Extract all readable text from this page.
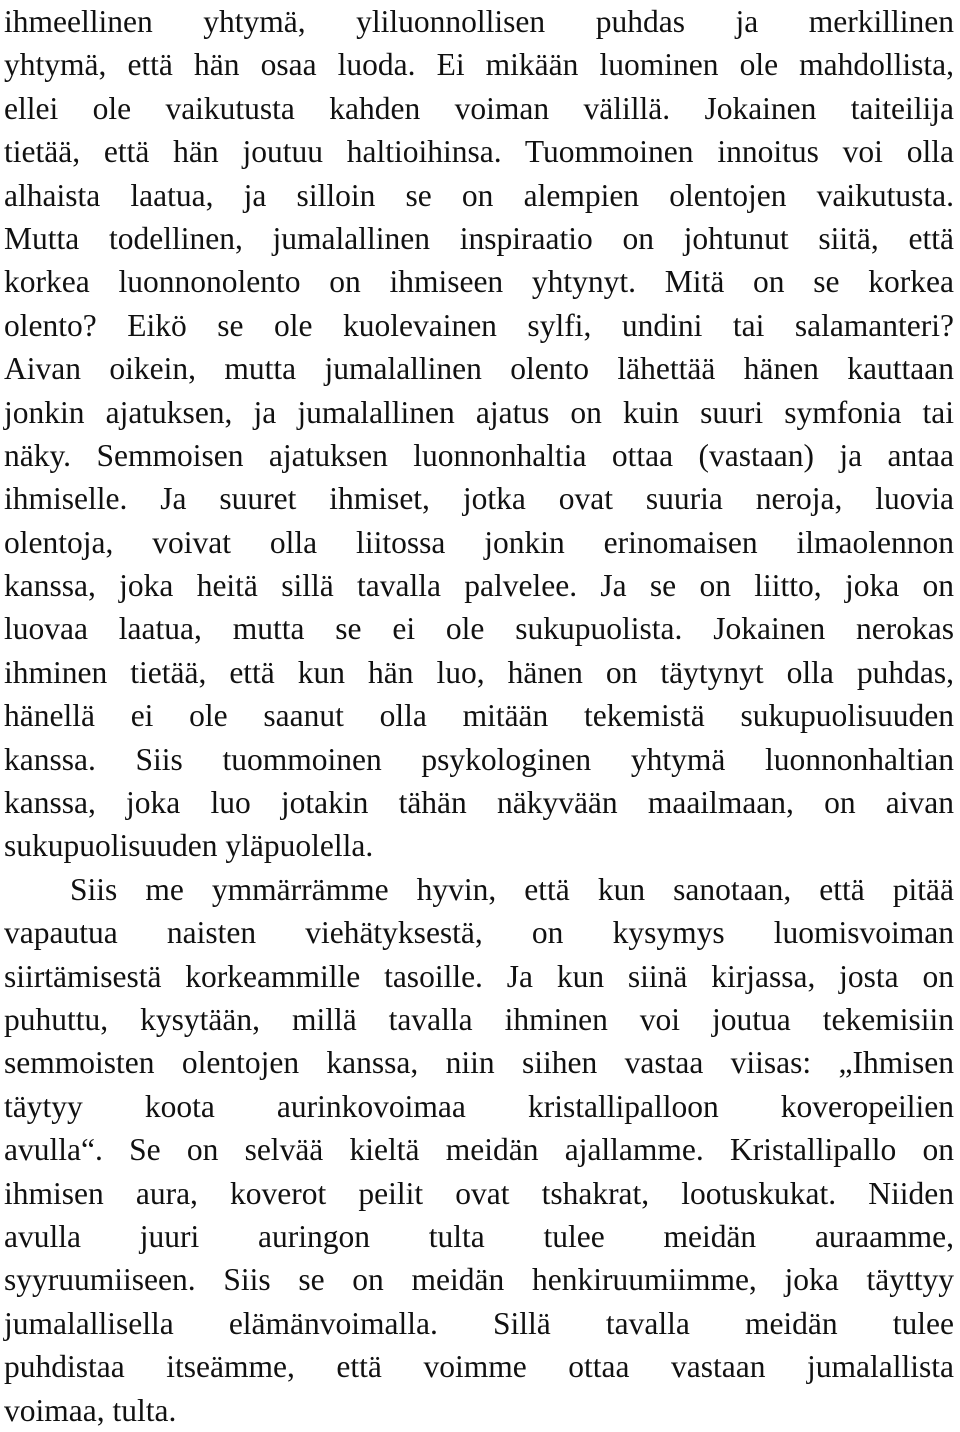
ihmeellinen yhtymä, yliluonnollisen puhdas ja merkillinen
yhtymä, että hän osaa luoda. Ei mikään luominen ole mahdollista,
ellei ole vaikutusta kahden voiman välillä. Jokainen taiteilija
tietää, että hän joutuu haltioihinsa. Tuommoinen innoitus voi olla
alhaista laatua, ja silloin se on alempien olentojen vaikutusta.
Mutta todellinen, jumalallinen inspiraatio on johtunut siitä, että
korkea luonnonolento on ihmiseen yhtynyt. Mitä on se korkea
olento? Eikö se ole kuolevainen sylfi, undini tai salamanteri?
Aivan oikein, mutta jumalallinen olento lähettää hänen kauttaan
jonkin ajatuksen, ja jumalallinen ajatus on kuin suuri symfonia tai
näky. Semmoisen ajatuksen luonnonhaltia ottaa (vastaan) ja antaa
ihmiselle. Ja suuret ihmiset, jotka ovat suuria neroja, luovia
olentoja, voivat olla liitossa jonkin erinomaisen ilmaolennon
kanssa, joka heitä sillä tavalla palvelee. Ja se on liitto, joka on
luovaa laatua, mutta se ei ole sukupuolista. Jokainen nerokas
ihminen tietää, että kun hän luo, hänen on täytynyt olla puhdas,
hänellä ei ole saanut olla mitään tekemistä sukupuolisuuden
kanssa. Siis tuommoinen psykologinen yhtymä luonnonhaltian
kanssa, joka luo jotakin tähän näkyvään maailmaan, on aivan
sukupuolisuuden yläpuolella.
Siis me ymmärrämme hyvin, että kun sanotaan, että pitää
vapautua naisten viehätyksestä, on kysymys luomisvoiman
siirtämisestä korkeammille tasoille. Ja kun siinä kirjassa, josta on
puhuttu, kysytään, millä tavalla ihminen voi joutua tekemisiin
semmoisten olentojen kanssa, niin siihen vastaa viisas: „Ihmisen
täytyy koota aurinkovoimaa kristallipalloon koveropeilien
avulla“. Se on selvää kieltä meidän ajallamme. Kristallipallo on
ihmisen aura, koverot peilit ovat tshakrat, lootuskukat. Niiden
avulla juuri auringon tulta tulee meidän auraamme,
syyruumiiseen. Siis se on meidän henkiruumiimme, joka täyttyy
jumalallisella elämänvoimalla. Sillä tavalla meidän tulee
puhdistaa itseämme, että voimme ottaa vastaan jumalallista
voimaa, tulta.
